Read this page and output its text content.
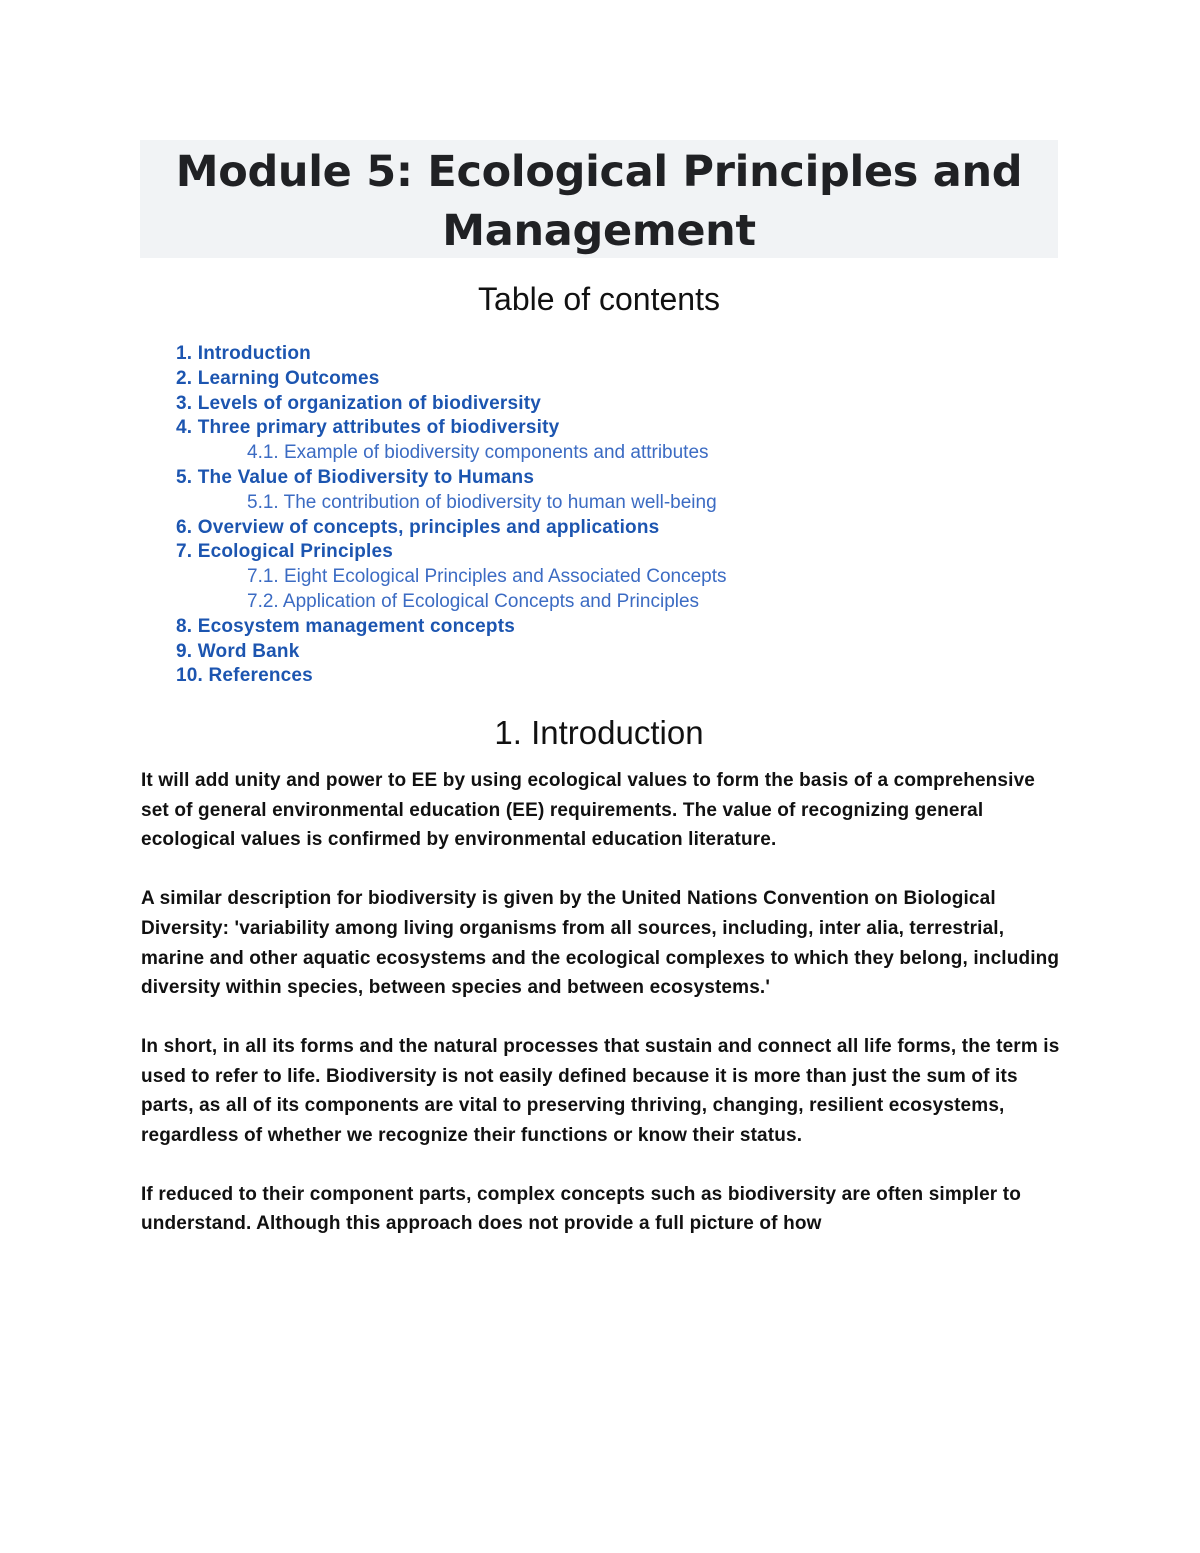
Module 5: Ecological Principles and Management
Table of contents
1. Introduction
2. Learning Outcomes
3. Levels of organization of biodiversity
4. Three primary attributes of biodiversity
4.1. Example of biodiversity components and attributes
5. The Value of Biodiversity to Humans
5.1. The contribution of biodiversity to human well-being
6. Overview of concepts, principles and applications
7. Ecological Principles
7.1. Eight Ecological Principles and Associated Concepts
7.2. Application of Ecological Concepts and Principles
8. Ecosystem management concepts
9. Word Bank
10. References
1. Introduction

It will add unity and power to EE by using ecological values to form the basis of a comprehensive set of general environmental education (EE) requirements. The value of recognizing general ecological values is confirmed by environmental education literature.

A similar description for biodiversity is given by the United Nations Convention on Biological Diversity: 'variability among living organisms from all sources, including, inter alia, terrestrial, marine and other aquatic ecosystems and the ecological complexes to which they belong, including diversity within species, between species and between ecosystems.'

In short, in all its forms and the natural processes that sustain and connect all life forms, the term is used to refer to life. Biodiversity is not easily defined because it is more than just the sum of its parts, as all of its components are vital to preserving thriving, changing, resilient ecosystems, regardless of whether we recognize their functions or know their status.

If reduced to their component parts, complex concepts such as biodiversity are often simpler to understand. Although this approach does not provide a full picture of how
